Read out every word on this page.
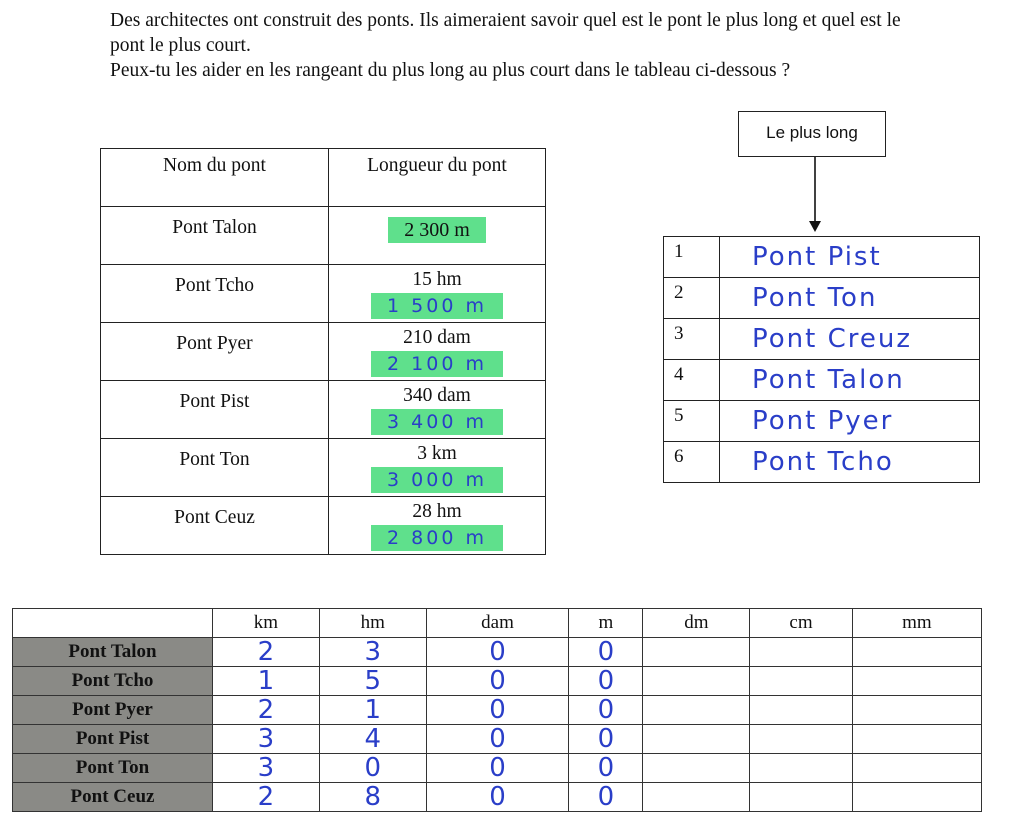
Des architectes ont construit des ponts. Ils aimeraient savoir quel est le pont le plus long et quel est le pont le plus court.

Peux-tu les aider en les rangeant du plus long au plus court dans le tableau ci-dessous ?

Nom du pont	Longueur du pont
Pont Talon	2 300 m
Pont Tcho	15 hm
1 500 m
Pont Pyer	210 dam
2 100 m
Pont Pist	340 dam
3 400 m
Pont Ton	3 km
3 000 m
Pont Ceuz	28 hm
2 800 m
Le plus long
1	Pont Pist
2	Pont Ton
3	Pont Creuz
4	Pont Talon
5	Pont Pyer
6	Pont Tcho
	km	hm	dam	m	dm	cm	mm
Pont Talon	2	3	0	0			
Pont Tcho	1	5	0	0			
Pont Pyer	2	1	0	0			
Pont Pist	3	4	0	0			
Pont Ton	3	0	0	0			
Pont Ceuz	2	8	0	0			
